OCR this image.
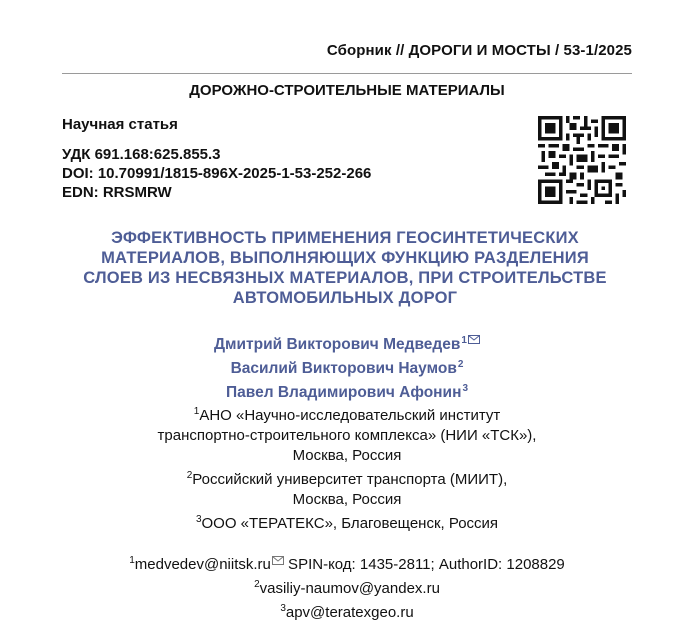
Сборник // ДОРОГИ И МОСТЫ / 53-1/2025
ДОРОЖНО-СТРОИТЕЛЬНЫЕ МАТЕРИАЛЫ
Научная статья
УДК 691.168:625.855.3
DOI: 10.70991/1815-896X-2025-1-53-252-266
EDN: RRSMRW
ЭФФЕКТИВНОСТЬ ПРИМЕНЕНИЯ ГЕОСИНТЕТИЧЕСКИХ
МАТЕРИАЛОВ, ВЫПОЛНЯЮЩИХ ФУНКЦИЮ РАЗДЕЛЕНИЯ
СЛОЕВ ИЗ НЕСВЯЗНЫХ МАТЕРИАЛОВ, ПРИ СТРОИТЕЛЬСТВЕ
АВТОМОБИЛЬНЫХ ДОРОГ
Дмитрий Викторович Медведев$^1$
Василий Викторович Наумов$^2$
Павел Владимирович Афонин$^3$
$^1$АНО «Научно-исследовательский институт
транспортно-строительного комплекса» (НИИ «ТСК»),
Москва, Россия
$^2$Российский университет транспорта (МИИТ),
Москва, Россия
$^3$ООО «ТЕРАТЕКС», Благовещенск, Россия
$^1$medvedev@niitsk.ru SPIN-код: 1435-2811; AuthorID: 1208829
$^2$vasiliy-naumov@yandex.ru
$^3$apv@teratexgeo.ru
